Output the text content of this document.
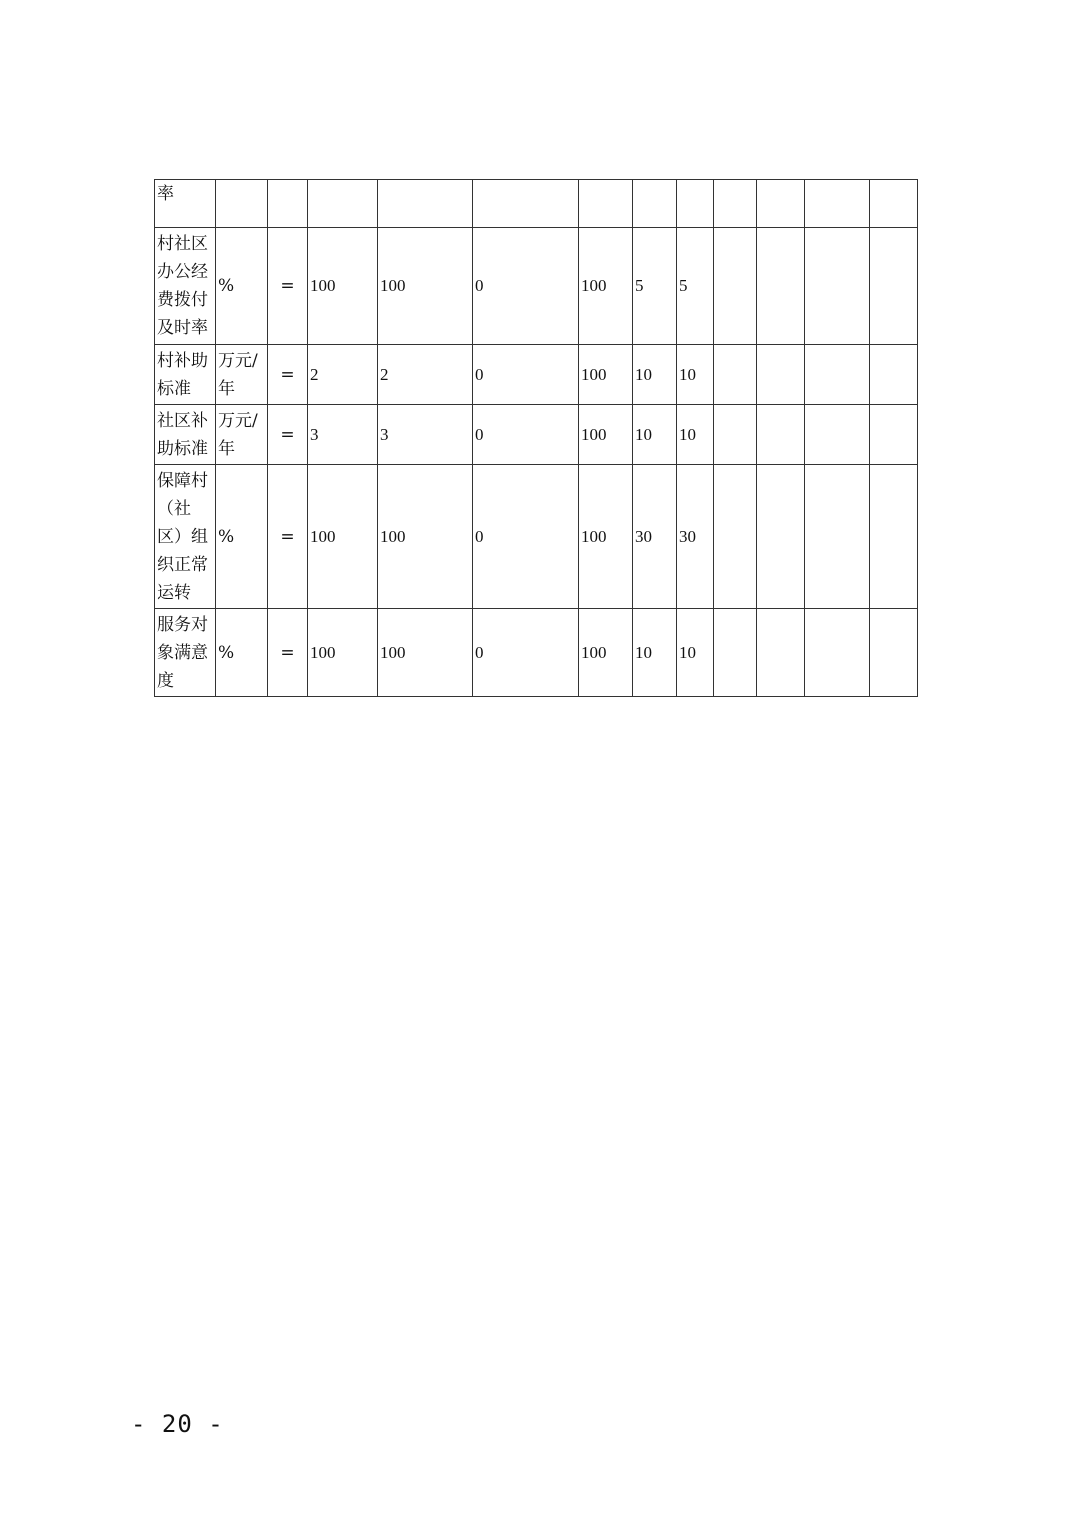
率												
村社区办公经费拨付及时率	%	=	100	100	0	100	5	5				
村补助标准	万元/年	=	2	2	0	100	10	10				
社区补助标准	万元/年	=	3	3	0	100	10	10				
保障村（社区）组织正常运转	%	=	100	100	0	100	30	30				
服务对象满意度	%	=	100	100	0	100	10	10				
- 20 -
